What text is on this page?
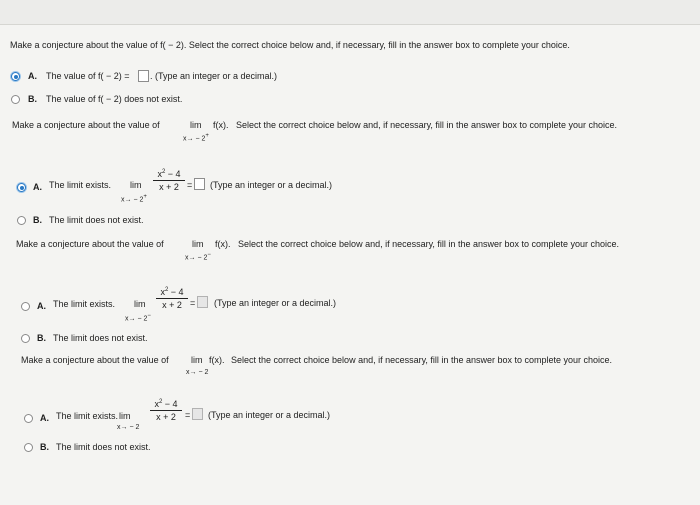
Make a conjecture about the value of f( − 2). Select the correct choice below and, if necessary, fill in the answer box to complete your choice.
A. The value of f( − 2) = . (Type an integer or a decimal.)
B. The value of f( − 2) does not exist.
Make a conjecture about the value of	lim f(x). Select the correct choice below and, if necessary, fill in the answer box to complete your choice.
x→ − 2+
A. The limit exists. lim
x→ − 2+
$x^2 - 4$
x + 2 = (Type an integer or a decimal.)
B. The limit does not exist.
Make a conjecture about the value of	lim f(x). Select the correct choice below and, if necessary, fill in the answer box to complete your choice.
x→ − 2−
A. The limit exists. lim
x→ − 2−
$x^2 - 4$
x + 2 = (Type an integer or a decimal.)
B. The limit does not exist.
Make a conjecture about the value of lim f(x). Select the correct choice below and, if necessary, fill in the answer box to complete your choice.
x→ − 2
A. The limit exists. lim
x→ − 2
$x^2 - 4$
x + 2	= (Type an integer or a decimal.)
B. The limit does not exist.
